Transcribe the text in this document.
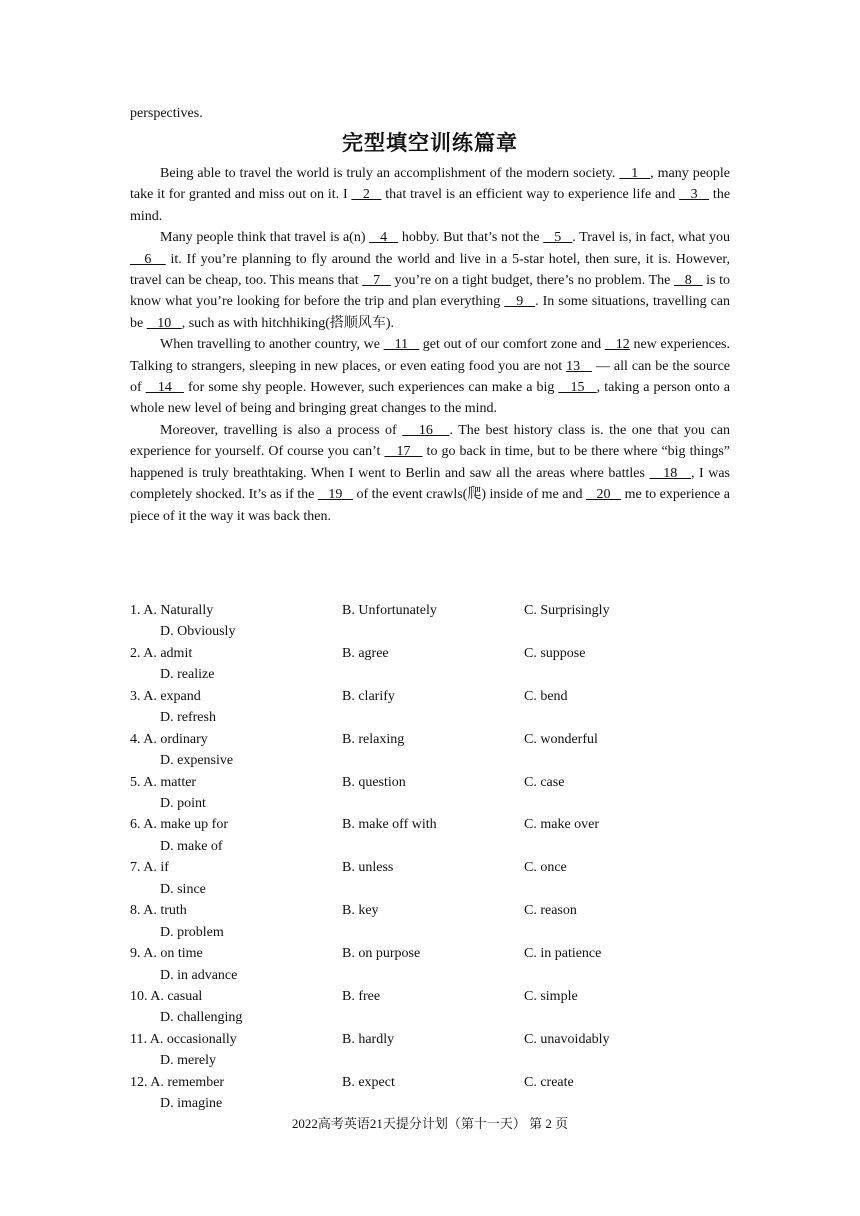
perspectives.
完型填空训练篇章

Being able to travel the world is truly an accomplishment of the modern society.    1   , many people take it for granted and miss out on it. I    2    that travel is an efficient way to experience life and    3    the mind.

Many people think that travel is a(n)    4    hobby. But that’s not the    5   . Travel is, in fact, what you    6    it. If you’re planning to fly around the world and live in a 5-star hotel, then sure, it is. However, travel can be cheap, too. This means that    7    you’re on a tight budget, there’s no problem. The    8    is to know what you’re looking for before the trip and plan everything    9   . In some situations, travelling can be    10   , such as with hitchhiking(搭顺风车).

When travelling to another country, we    11    get out of our comfort zone and    12 new experiences. Talking to strangers, sleeping in new places, or even eating food you are not 13    — all can be the source of    14    for some shy people. However, such experiences can make a big    15   , taking a person onto a whole new level of being and bringing great changes to the mind.

Moreover, travelling is also a process of    16   . The best history class is. the one that you can experience for yourself. Of course you can’t    17    to go back in time, but to be there where “big things” happened is truly breathtaking. When I went to Berlin and saw all the areas where battles    18   , I was completely shocked. It’s as if the    19    of the event crawls(爬) inside of me and    20    me to experience a piece of it the way it was back then.

1. A. Naturally	B. Unfortunately	C. Surprisingly
D. Obviously
2. A. admit	B. agree	C. suppose
D. realize
3. A. expand	B. clarify	C. bend
D. refresh
4. A. ordinary	B. relaxing	C. wonderful
D. expensive
5. A. matter	B. question	C. case
D. point
6. A. make up for	B. make off with	C. make over
D. make of
7. A. if	B. unless	C. once
D. since
8. A. truth	B. key	C. reason
D. problem
9. A. on time	B. on purpose	C. in patience
D. in advance
10. A. casual	B. free	C. simple
D. challenging
11. A. occasionally	B. hardly	C. unavoidably
D. merely
12. A. remember	B. expect	C. create
D. imagine
2022高考英语21天提分计划（第十一天） 第 2 页
